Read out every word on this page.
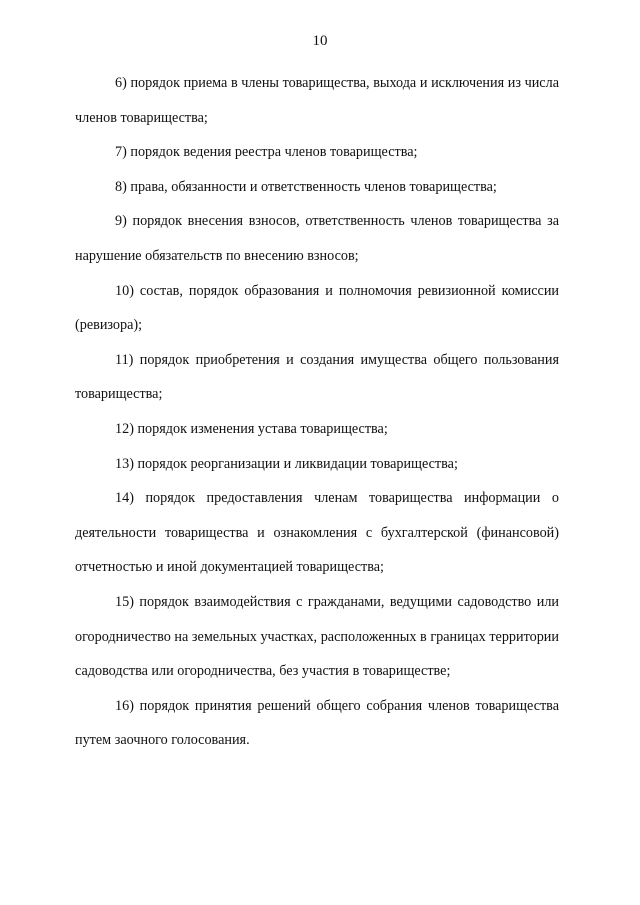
10

6) порядок приема в члены товарищества, выхода и исключения из числа членов товарищества;

7) порядок ведения реестра членов товарищества;

8) права, обязанности и ответственность членов товарищества;

9) порядок внесения взносов, ответственность членов товарищества за нарушение обязательств по внесению взносов;

10) состав, порядок образования и полномочия ревизионной комиссии (ревизора);

11) порядок приобретения и создания имущества общего пользования товарищества;

12) порядок изменения устава товарищества;

13) порядок реорганизации и ликвидации товарищества;

14) порядок предоставления членам товарищества информации о деятельности товарищества и ознакомления с бухгалтерской (финансовой) отчетностью и иной документацией товарищества;

15) порядок взаимодействия с гражданами, ведущими садоводство или огородничество на земельных участках, расположенных в границах территории садоводства или огородничества, без участия в товариществе;

16) порядок принятия решений общего собрания членов товарищества путем заочного голосования.
